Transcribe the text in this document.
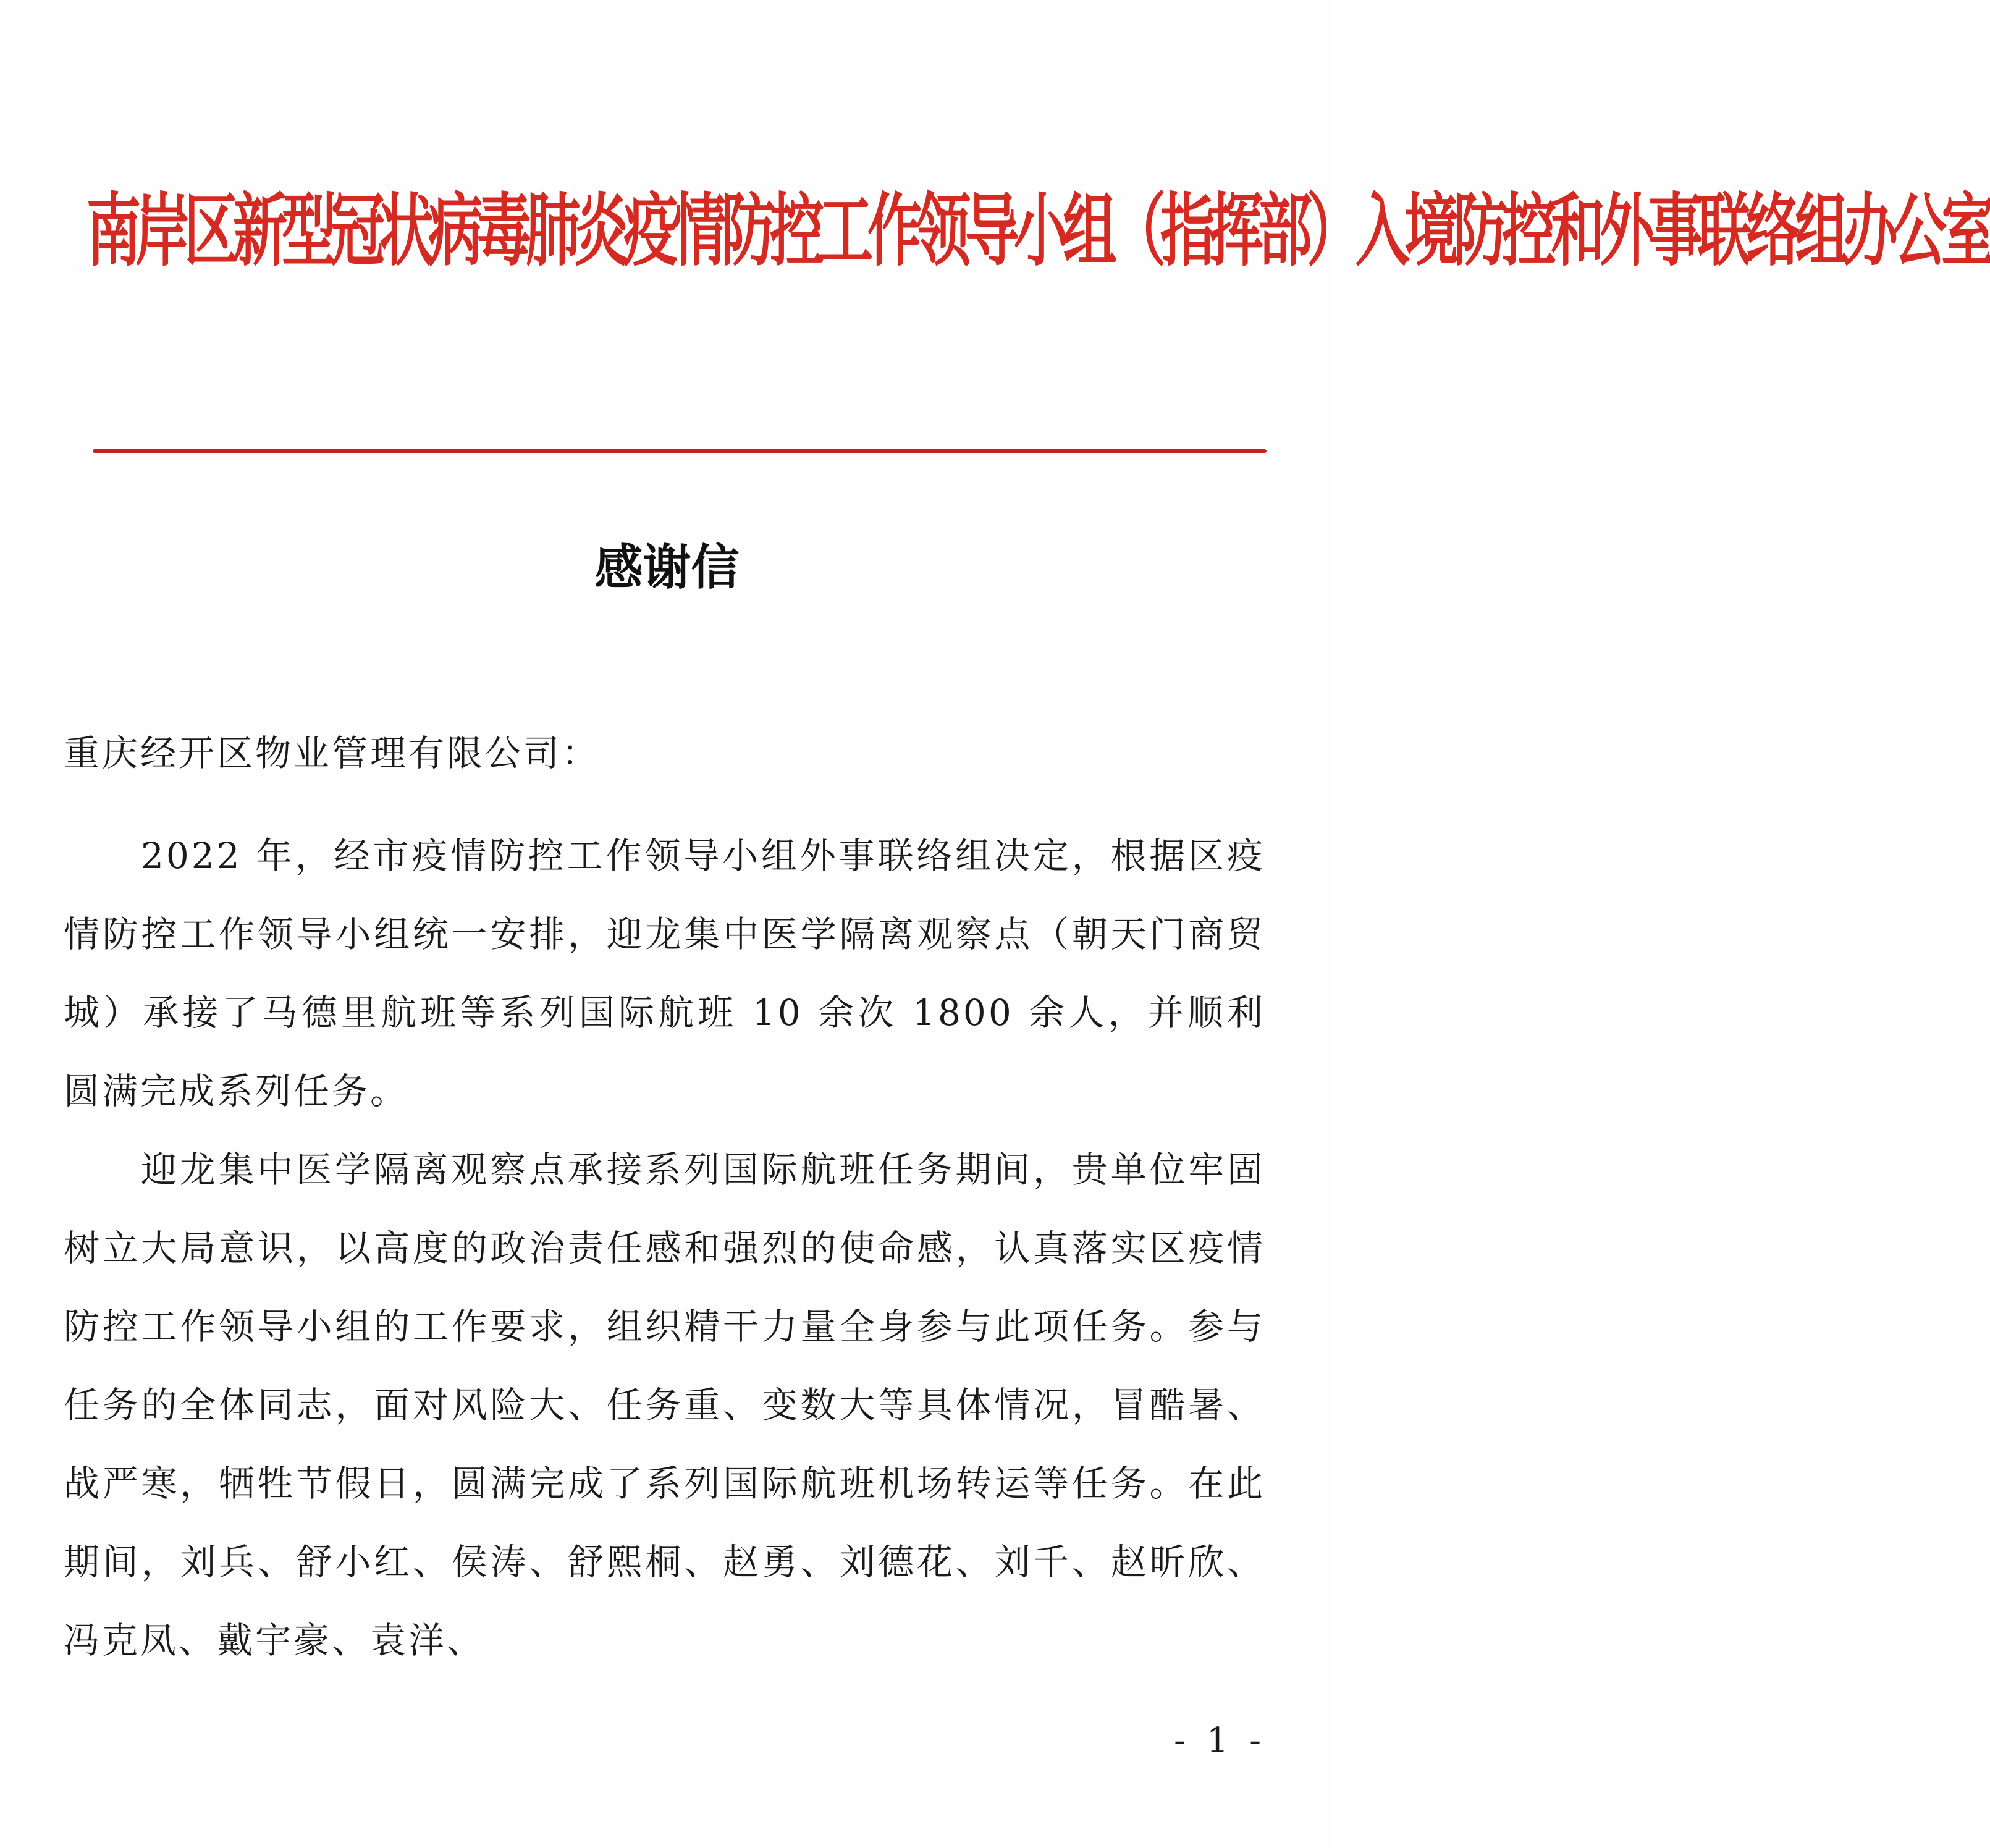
南岸区新型冠状病毒肺炎疫情防控工作领导小组（指挥部）入境防控和外事联络组办公室
感谢信
重庆经开区物业管理有限公司：

2022 年，经市疫情防控工作领导小组外事联络组决定，根据区疫情防控工作领导小组统一安排，迎龙集中医学隔离观察点（朝天门商贸城）承接了马德里航班等系列国际航班 10 余次 1800 余人，并顺利圆满完成系列任务。

迎龙集中医学隔离观察点承接系列国际航班任务期间，贵单位牢固树立大局意识，以高度的政治责任感和强烈的使命感，认真落实区疫情防控工作领导小组的工作要求，组织精干力量全身参与此项任务。参与任务的全体同志，面对风险大、任务重、变数大等具体情况，冒酷暑、战严寒，牺牲节假日，圆满完成了系列国际航班机场转运等任务。在此期间，刘兵、舒小红、侯涛、舒熙桐、赵勇、刘德花、刘千、赵昕欣、冯克凤、戴宇豪、袁洋、

- 1 -
